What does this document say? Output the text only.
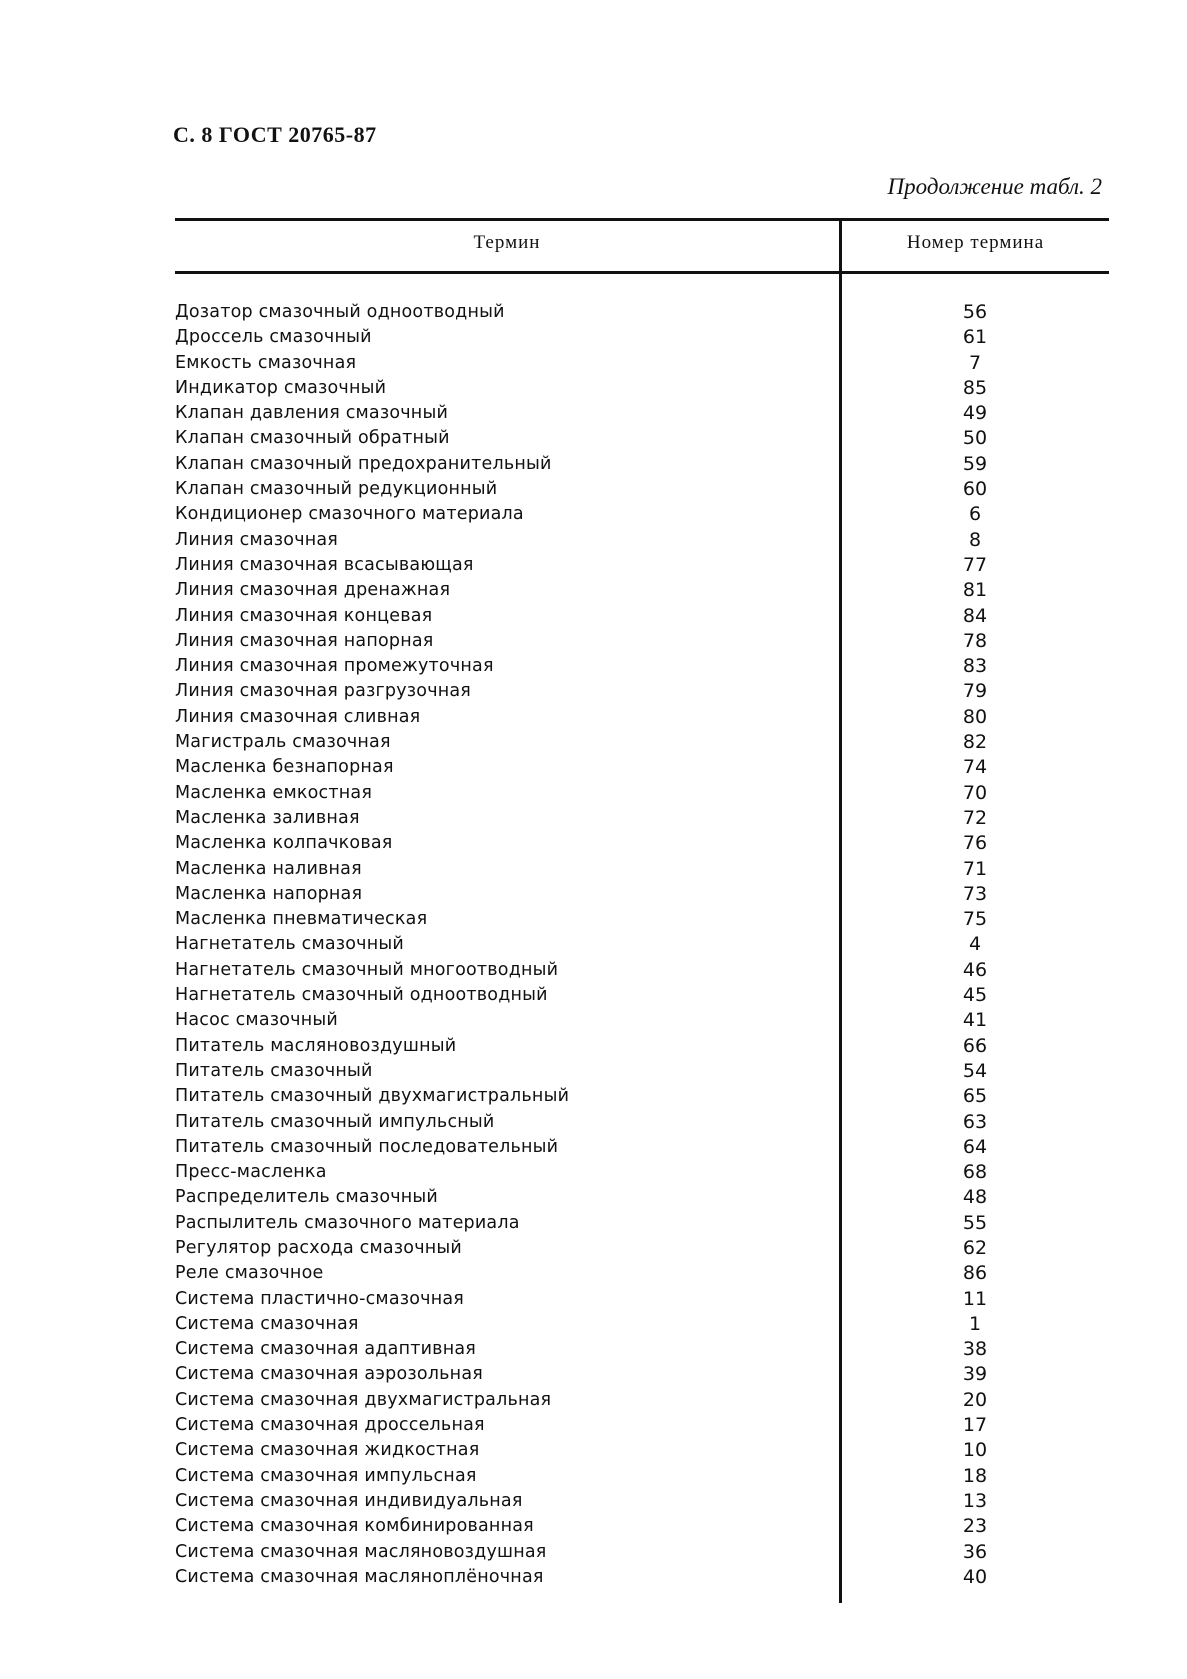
С. 8 ГОСТ 20765-87
Продолжение табл. 2
Термин	Номер термина
Дозатор смазочный одноотводный	56
Дроссель смазочный	61
Емкость смазочная	7
Индикатор смазочный	85
Клапан давления смазочный	49
Клапан смазочный обратный	50
Клапан смазочный предохранительный	59
Клапан смазочный редукционный	60
Кондиционер смазочного материала	6
Линия смазочная	8
Линия смазочная всасывающая	77
Линия смазочная дренажная	81
Линия смазочная концевая	84
Линия смазочная напорная	78
Линия смазочная промежуточная	83
Линия смазочная разгрузочная	79
Линия смазочная сливная	80
Магистраль смазочная	82
Масленка безнапорная	74
Масленка емкостная	70
Масленка заливная	72
Масленка колпачковая	76
Масленка наливная	71
Масленка напорная	73
Масленка пневматическая	75
Нагнетатель смазочный	4
Нагнетатель смазочный многоотводный	46
Нагнетатель смазочный одноотводный	45
Насос смазочный	41
Питатель масляновоздушный	66
Питатель смазочный	54
Питатель смазочный двухмагистральный	65
Питатель смазочный импульсный	63
Питатель смазочный последовательный	64
Пресс-масленка	68
Распределитель смазочный	48
Распылитель смазочного материала	55
Регулятор расхода смазочный	62
Реле смазочное	86
Система пластично-смазочная	11
Система смазочная	1
Система смазочная адаптивная	38
Система смазочная аэрозольная	39
Система смазочная двухмагистральная	20
Система смазочная дроссельная	17
Система смазочная жидкостная	10
Система смазочная импульсная	18
Система смазочная индивидуальная	13
Система смазочная комбинированная	23
Система смазочная масляновоздушная	36
Система смазочная масляноплёночная	40
